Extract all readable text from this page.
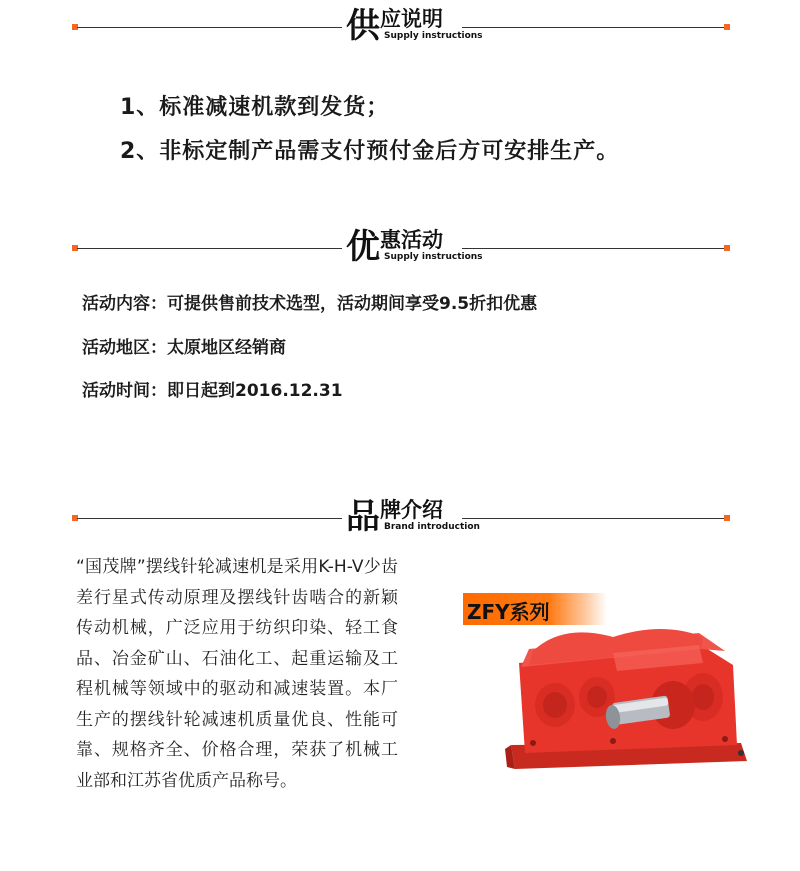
供 应说明
Supply instructions
1、标准减速机款到发货；
2、非标定制产品需支付预付金后方可安排生产。
优 惠活动
Supply instructions
活动内容：可提供售前技术选型，活动期间享受9.5折扣优惠
活动地区：太原地区经销商
活动时间：即日起到2016.12.31
品 牌介绍
Brand introduction

“国茂牌”摆线针轮减速机是采用K-H-V少齿差行星式传动原理及摆线针齿啮合的新颖传动机械，广泛应用于纺织印染、轻工食品、冶金矿山、石油化工、起重运输及工程机械等领域中的驱动和减速装置。本厂生产的摆线针轮减速机质量优良、性能可靠、规格齐全、价格合理，荣获了机械工业部和江苏省优质产品称号。

ZFY系列
